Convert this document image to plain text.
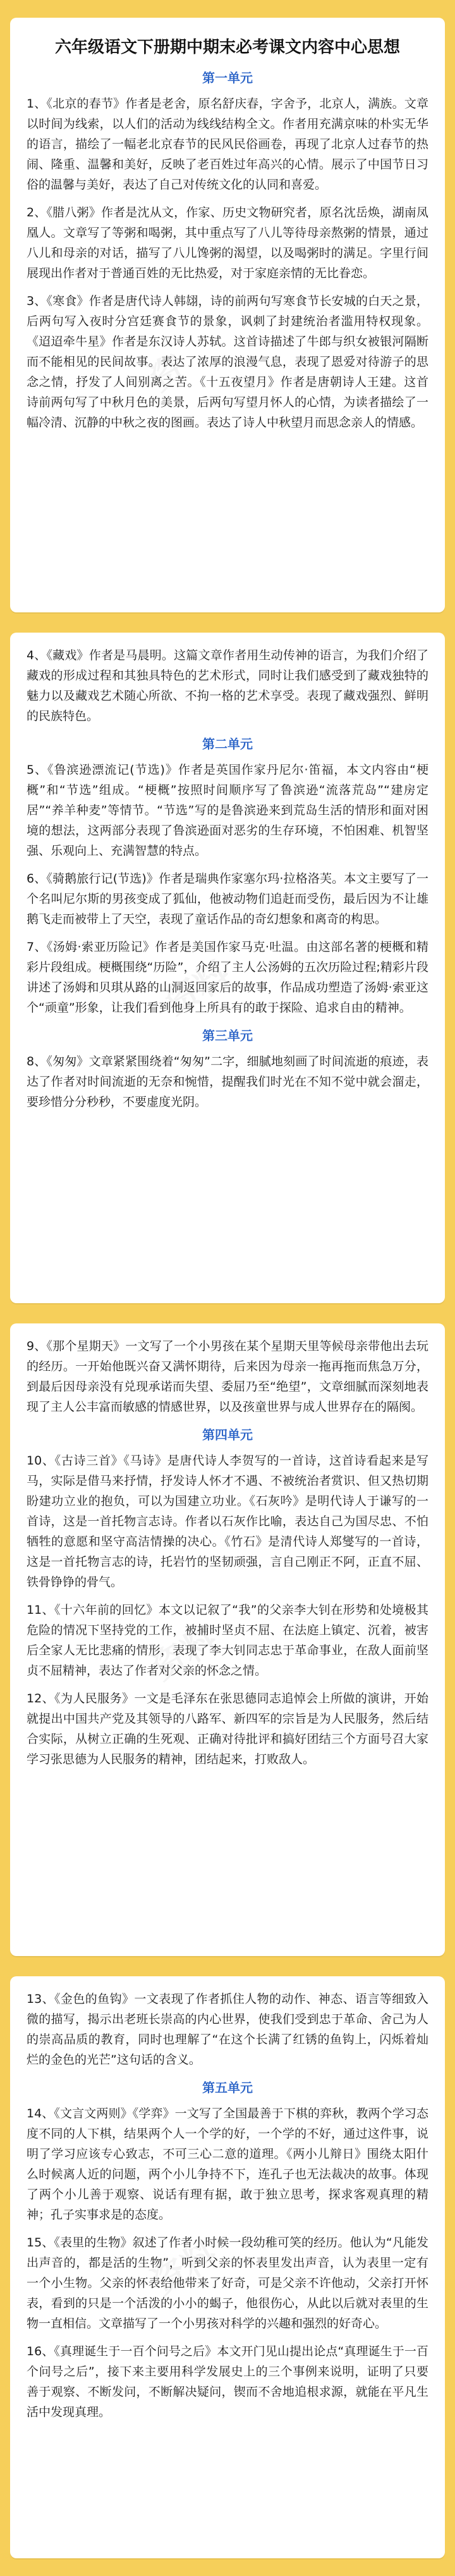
六年级语文下册期中期末必考课文内容中心思想
第一单元

1、《北京的春节》作者是老舍，原名舒庆春，字舍予，北京人，满族。文章以时间为线索，以人们的活动为线线结构全文。作者用充满京味的朴实无华的语言，描绘了一幅老北京春节的民风民俗画卷，再现了北京人过春节的热闹、隆重、温馨和美好，反映了老百姓过年高兴的心情。展示了中国节日习俗的温馨与美好，表达了自己对传统文化的认同和喜爱。

2、《腊八粥》作者是沈从文，作家、历史文物研究者，原名沈岳焕，湖南凤凰人。文章写了等粥和喝粥，其中重点写了八儿等待母亲熬粥的情景，通过八儿和母亲的对话，描写了八儿馋粥的渴望，以及喝粥时的满足。字里行间展现出作者对于普通百姓的无比热爱，对于家庭亲情的无比眷恋。

3、《寒食》作者是唐代诗人韩翃，诗的前两句写寒食节长安城的白天之景，后两句写入夜时分宫廷赛食节的景象，讽刺了封建统治者滥用特权现象。《迢迢牵牛星》作者是东汉诗人苏轼。这首诗描述了牛郎与织女被银河隔断而不能相见的民间故事。表达了浓厚的浪漫气息，表现了恩爱对待游子的思念之情，抒发了人间别离之苦。《十五夜望月》作者是唐朝诗人王建。这首诗前两句写了中秋月色的美景，后两句写望月怀人的心情，为读者描绘了一幅冷清、沉静的中秋之夜的图画。表达了诗人中秋望月而思念亲人的情感。

4、《藏戏》作者是马晨明。这篇文章作者用生动传神的语言，为我们介绍了藏戏的形成过程和其独具特色的艺术形式，同时让我们感受到了藏戏独特的魅力以及藏戏艺术随心所欲、不拘一格的艺术享受。表现了藏戏强烈、鲜明的民族特色。

第二单元

5、《鲁滨逊漂流记(节选)》作者是英国作家丹尼尔·笛福，本文内容由“梗概”和“节选”组成。“梗概”按照时间顺序写了鲁滨逊“流落荒岛”“建房定居”“养羊种麦”等情节。“节选”写的是鲁滨逊来到荒岛生活的情形和面对困境的想法，这两部分表现了鲁滨逊面对恶劣的生存环境，不怕困难、机智坚强、乐观向上、充满智慧的特点。

6、《骑鹅旅行记(节选)》作者是瑞典作家塞尔玛·拉格洛芙。本文主要写了一个名叫尼尔斯的男孩变成了狐仙，他被动物们追赶而受伤，最后因为不让雄鹅飞走而被带上了天空，表现了童话作品的奇幻想象和离奇的构思。

7、《汤姆·索亚历险记》作者是美国作家马克·吐温。由这部名著的梗概和精彩片段组成。梗概围绕“历险”，介绍了主人公汤姆的五次历险过程;精彩片段讲述了汤姆和贝琪从路的山洞返回家后的故事，作品成功塑造了汤姆·索亚这个“顽童”形象，让我们看到他身上所具有的敢于探险、追求自由的精神。

第三单元

8、《匆匆》文章紧紧围绕着“匆匆”二字，细腻地刻画了时间流逝的痕迹，表达了作者对时间流逝的无奈和惋惜，提醒我们时光在不知不觉中就会溜走，要珍惜分分秒秒，不要虚度光阴。

9、《那个星期天》一文写了一个小男孩在某个星期天里等候母亲带他出去玩的经历。一开始他既兴奋又满怀期待，后来因为母亲一拖再拖而焦急万分，到最后因母亲没有兑现承诺而失望、委屈乃至“绝望”，文章细腻而深刻地表现了主人公丰富而敏感的情感世界，以及孩童世界与成人世界存在的隔阂。

第四单元

10、《古诗三首》《马诗》是唐代诗人李贺写的一首诗，这首诗看起来是写马，实际是借马来抒情，抒发诗人怀才不遇、不被统治者赏识、但又热切期盼建功立业的抱负，可以为国建立功业。《石灰吟》是明代诗人于谦写的一首诗，这是一首托物言志诗。作者以石灰作比喻，表达自己为国尽忠、不怕牺牲的意愿和坚守高洁情操的决心。《竹石》是清代诗人郑燮写的一首诗，这是一首托物言志的诗，托岩竹的坚韧顽强，言自己刚正不阿，正直不屈、铁骨铮铮的骨气。

11、《十六年前的回忆》本文以记叙了“我”的父亲李大钊在形势和处境极其危险的情况下坚持党的工作，被捕时坚贞不屈、在法庭上镇定、沉着，被害后全家人无比悲痛的情形，表现了李大钊同志忠于革命事业，在敌人面前坚贞不屈精神，表达了作者对父亲的怀念之情。

12、《为人民服务》一文是毛泽东在张思德同志追悼会上所做的演讲，开始就提出中国共产党及其领导的八路军、新四军的宗旨是为人民服务，然后结合实际，从树立正确的生死观、正确对待批评和搞好团结三个方面号召大家学习张思德为人民服务的精神，团结起来，打败敌人。

13、《金色的鱼钩》一文表现了作者抓住人物的动作、神态、语言等细致入微的描写，揭示出老班长崇高的内心世界，使我们受到忠于革命、舍己为人的崇高品质的教育，同时也理解了“在这个长满了红锈的鱼钩上，闪烁着灿烂的金色的光芒”这句话的含义。

第五单元

14、《文言文两则》《学弈》一文写了全国最善于下棋的弈秋，教两个学习态度不同的人下棋，结果两个人一个学的好，一个学的不好，通过这件事，说明了学习应该专心致志，不可三心二意的道理。《两小儿辩日》围绕太阳什么时候离人近的问题，两个小儿争持不下，连孔子也无法裁决的故事。体现了两个小儿善于观察、说话有理有据，敢于独立思考，探求客观真理的精神；孔子实事求是的态度。

15、《表里的生物》叙述了作者小时候一段幼稚可笑的经历。他认为“凡能发出声音的，都是活的生物”，听到父亲的怀表里发出声音，认为表里一定有一个小生物。父亲的怀表给他带来了好奇，可是父亲不许他动，父亲打开怀表，看到的只是一个活泼的小小的蝎子，他很伤心，从此以后就对表里的生物一直相信。文章描写了一个小男孩对科学的兴趣和强烈的好奇心。

16、《真理诞生于一百个问号之后》本文开门见山提出论点“真理诞生于一百个问号之后”，接下来主要用科学发展史上的三个事例来说明，证明了只要善于观察、不断发问，不断解决疑问，锲而不舍地追根求源，就能在平凡生活中发现真理。
